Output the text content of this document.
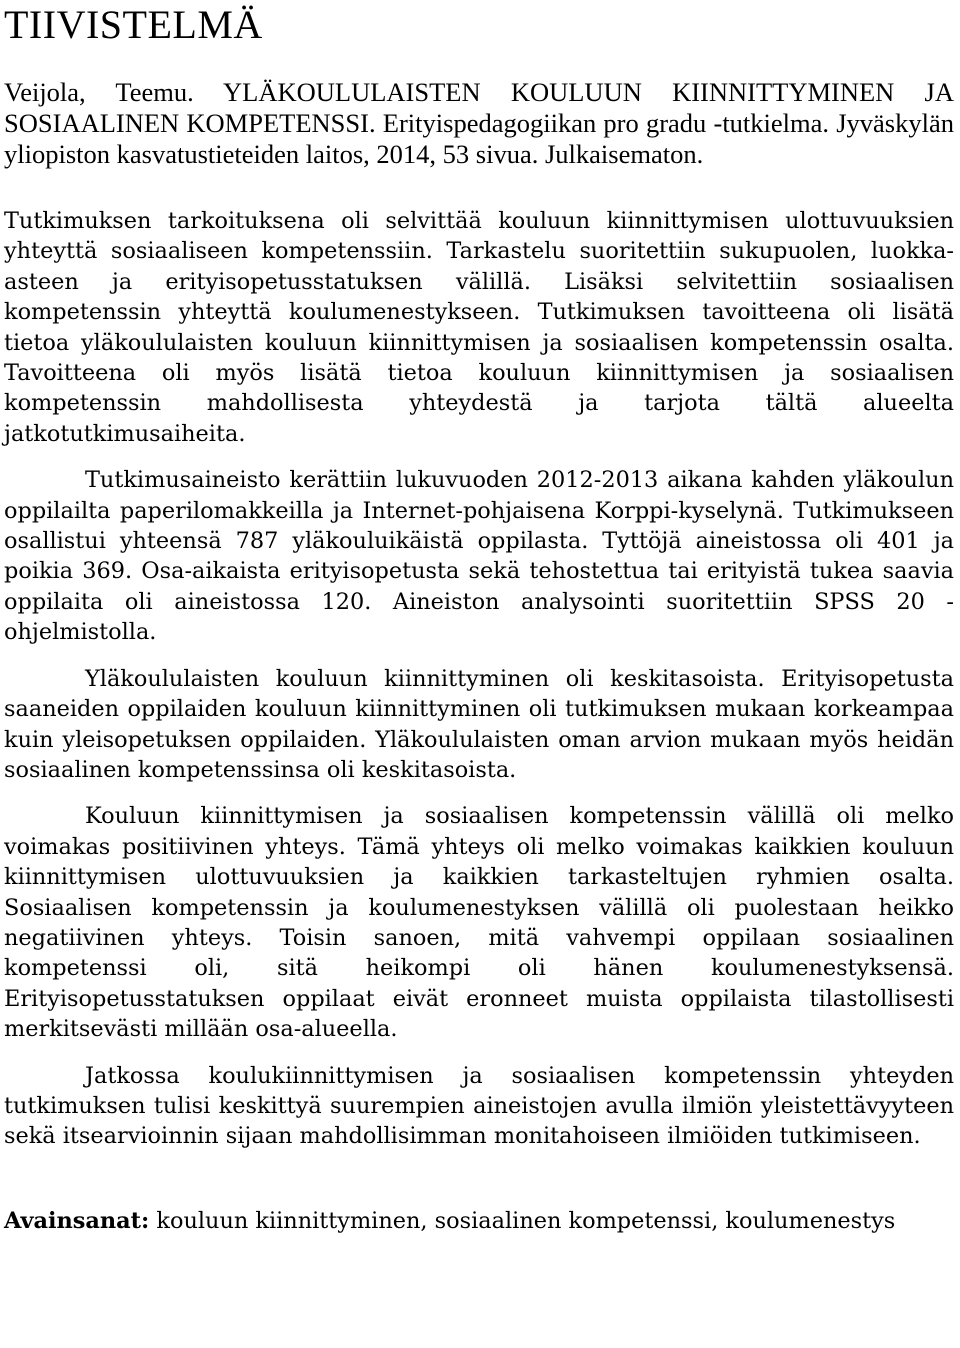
TIIVISTELMÄ
Veijola, Teemu. YLÄKOULULAISTEN KOULUUN KIINNITTYMINEN JA SOSIAALINEN KOMPETENSSI. Erityispedagogiikan pro gradu -tutkielma. Jyväskylän yliopiston kasvatustieteiden laitos, 2014, 53 sivua. Julkaisematon.

Tutkimuksen tarkoituksena oli selvittää kouluun kiinnittymisen ulottuvuuksien yhteyttä sosiaaliseen kompetenssiin. Tarkastelu suoritettiin sukupuolen, luokka-asteen ja erityisopetusstatuksen välillä. Lisäksi selvitettiin sosiaalisen kompetenssin yhteyttä koulumenestykseen. Tutkimuksen tavoitteena oli lisätä tietoa yläkoululaisten kouluun kiinnittymisen ja sosiaalisen kompetenssin osalta. Tavoitteena oli myös lisätä tietoa kouluun kiinnittymisen ja sosiaalisen kompetenssin mahdollisesta yhteydestä ja tarjota tältä alueelta jatkotutkimusaiheita.

Tutkimusaineisto kerättiin lukuvuoden 2012-2013 aikana kahden yläkoulun oppilailta paperilomakkeilla ja Internet-pohjaisena Korppi-kyselynä. Tutkimukseen osallistui yhteensä 787 yläkouluikäistä oppilasta. Tyttöjä aineistossa oli 401 ja poikia 369. Osa-aikaista erityisopetusta sekä tehostettua tai erityistä tukea saavia oppilaita oli aineistossa 120. Aineiston analysointi suoritettiin SPSS 20 -ohjelmistolla.

Yläkoululaisten kouluun kiinnittyminen oli keskitasoista. Erityisopetusta saaneiden oppilaiden kouluun kiinnittyminen oli tutkimuksen mukaan korkeampaa kuin yleisopetuksen oppilaiden. Yläkoululaisten oman arvion mukaan myös heidän sosiaalinen kompetenssinsa oli keskitasoista.

Kouluun kiinnittymisen ja sosiaalisen kompetenssin välillä oli melko voimakas positiivinen yhteys. Tämä yhteys oli melko voimakas kaikkien kouluun kiinnittymisen ulottuvuuksien ja kaikkien tarkasteltujen ryhmien osalta. Sosiaalisen kompetenssin ja koulumenestyksen välillä oli puolestaan heikko negatiivinen yhteys. Toisin sanoen, mitä vahvempi oppilaan sosiaalinen kompetenssi oli, sitä heikompi oli hänen koulumenestyksensä. Erityisopetusstatuksen oppilaat eivät eronneet muista oppilaista tilastollisesti merkitsevästi millään osa-alueella.

Jatkossa koulukiinnittymisen ja sosiaalisen kompetenssin yhteyden tutkimuksen tulisi keskittyä suurempien aineistojen avulla ilmiön yleistettävyyteen sekä itsearvioinnin sijaan mahdollisimman monitahoiseen ilmiöiden tutkimiseen.

Avainsanat: kouluun kiinnittyminen, sosiaalinen kompetenssi, koulumenestys
